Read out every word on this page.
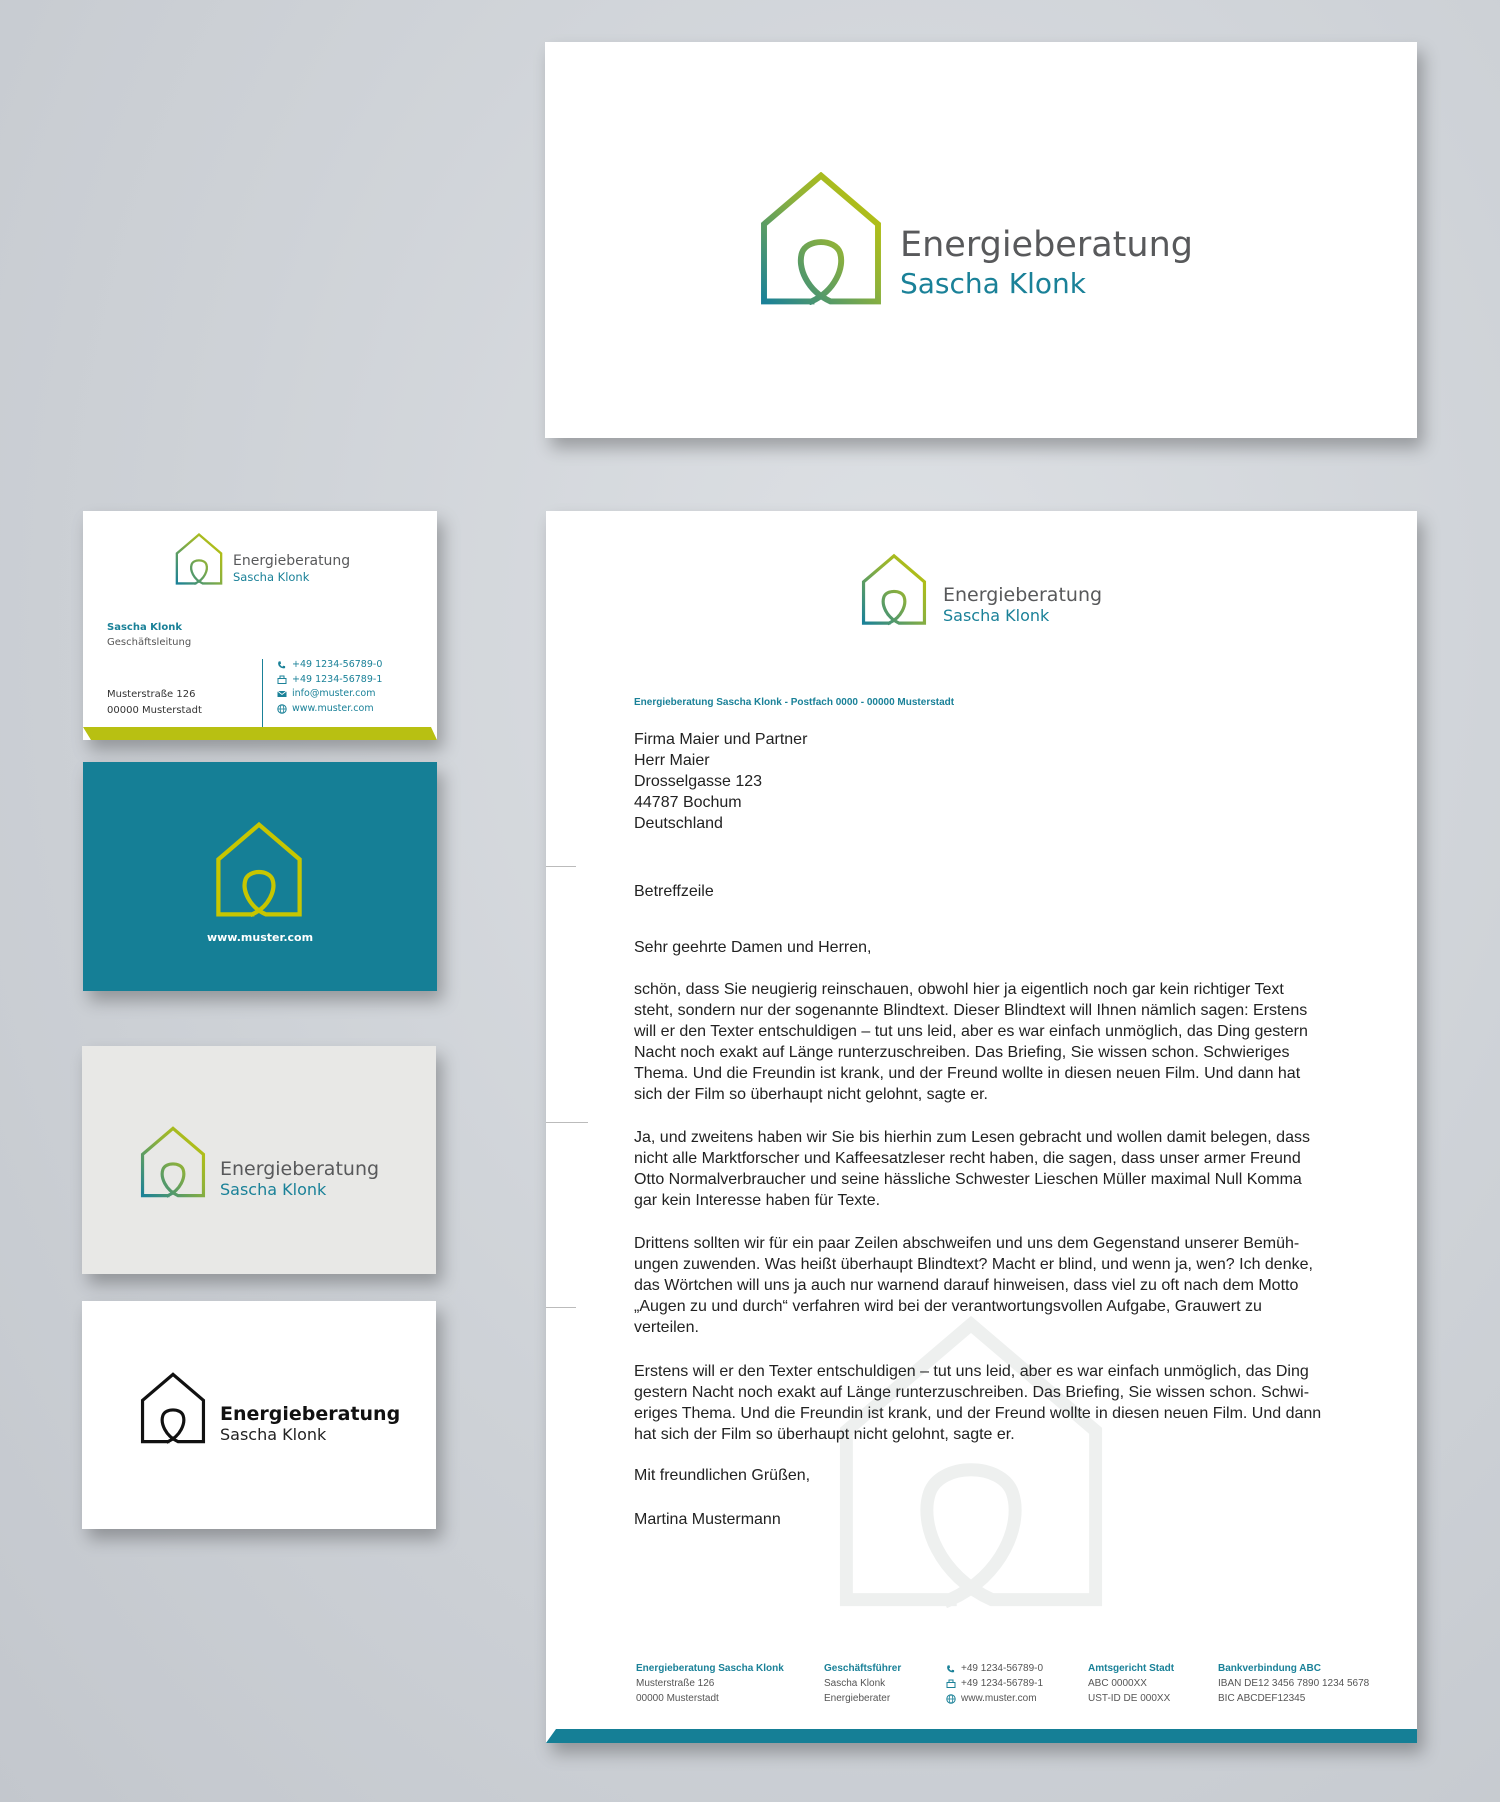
Energieberatung
Sascha Klonk
Energieberatung
Sascha Klonk
Sascha Klonk
Geschäftsleitung
Musterstraße 126
00000 Musterstadt
+49 1234-56789-0
+49 1234-56789-1
info@muster.com
www.muster.com
www.muster.com
Energieberatung
Sascha Klonk
Energieberatung
Sascha Klonk
Energieberatung
Sascha Klonk
Energieberatung Sascha Klonk - Postfach 0000 - 00000 Musterstadt

Firma Maier und Partner

Herr Maier

Drosselgasse 123

44787 Bochum

Deutschland

Betreffzeile
Sehr geehrte Damen und Herren,

schön, dass Sie neugierig reinschauen, obwohl hier ja eigentlich noch gar kein richtiger Text

steht, sondern nur der sogenannte Blindtext. Dieser Blindtext will Ihnen nämlich sagen: Erstens

will er den Texter entschuldigen – tut uns leid, aber es war einfach unmöglich, das Ding gestern

Nacht noch exakt auf Länge runterzuschreiben. Das Briefing, Sie wissen schon. Schwieriges

Thema. Und die Freundin ist krank, und der Freund wollte in diesen neuen Film. Und dann hat

sich der Film so überhaupt nicht gelohnt, sagte er.

Ja, und zweitens haben wir Sie bis hierhin zum Lesen gebracht und wollen damit belegen, dass

nicht alle Marktforscher und Kaffeesatzleser recht haben, die sagen, dass unser armer Freund

Otto Normalverbraucher und seine hässliche Schwester Lieschen Müller maximal Null Komma

gar kein Interesse haben für Texte.

Drittens sollten wir für ein paar Zeilen abschweifen und uns dem Gegenstand unserer Bemüh-

ungen zuwenden. Was heißt überhaupt Blindtext? Macht er blind, und wenn ja, wen? Ich denke,

das Wörtchen will uns ja auch nur warnend darauf hinweisen, dass viel zu oft nach dem Motto

„Augen zu und durch“ verfahren wird bei der verantwortungsvollen Aufgabe, Grauwert zu

verteilen.

Erstens will er den Texter entschuldigen – tut uns leid, aber es war einfach unmöglich, das Ding

gestern Nacht noch exakt auf Länge runterzuschreiben. Das Briefing, Sie wissen schon. Schwi-

eriges Thema. Und die Freundin ist krank, und der Freund wollte in diesen neuen Film. Und dann

hat sich der Film so überhaupt nicht gelohnt, sagte er.

Mit freundlichen Grüßen,
Martina Mustermann
Energieberatung Sascha Klonk
Musterstraße 126
00000 Musterstadt
Geschäftsführer
Sascha Klonk
Energieberater
+49 1234-56789-0
+49 1234-56789-1
www.muster.com
Amtsgericht Stadt
ABC 0000XX
UST-ID DE 000XX
Bankverbindung ABC
IBAN DE12 3456 7890 1234 5678
BIC ABCDEF12345
